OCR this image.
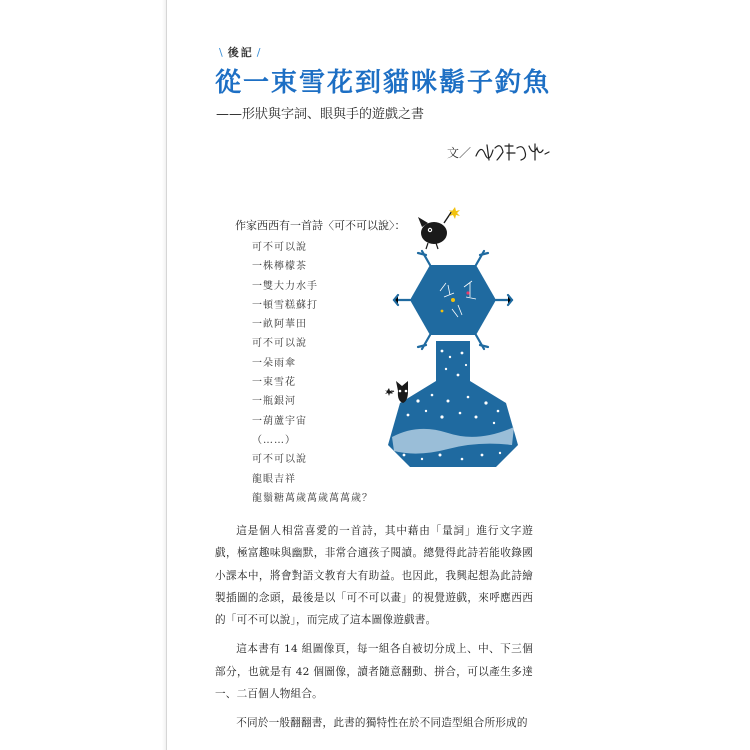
\ 後記 /
從一束雪花到貓咪鬍子釣魚
——形狀與字詞、眼與手的遊戲之書
文／
作家西西有一首詩〈可不可以說〉：
可不可以說
一株檸檬茶
一雙大力水手
一頓雪糕蘇打
一畝阿華田
可不可以說
一朵雨傘
一束雪花
一瓶銀河
一葫蘆宇宙
（……）
可不可以說
龍眼吉祥
龍鬚糖萬歲萬歲萬萬歲？

這是個人相當喜愛的一首詩，其中藉由「量詞」進行文字遊戲，極富趣味與幽默，非常合適孩子閱讀。總覺得此詩若能收錄國小課本中，將會對語文教育大有助益。也因此，我興起想為此詩繪製插圖的念頭，最後是以「可不可以畫」的視覺遊戲，來呼應西西的「可不可以說」，而完成了這本圖像遊戲書。

這本書有 14 組圖像頁，每一組各自被切分成上、中、下三個部分，也就是有 42 個圖像，讀者隨意翻動、拼合，可以產生多達一、二百個人物組合。

不同於一般翻翻書，此書的獨特性在於不同造型組合所形成的
